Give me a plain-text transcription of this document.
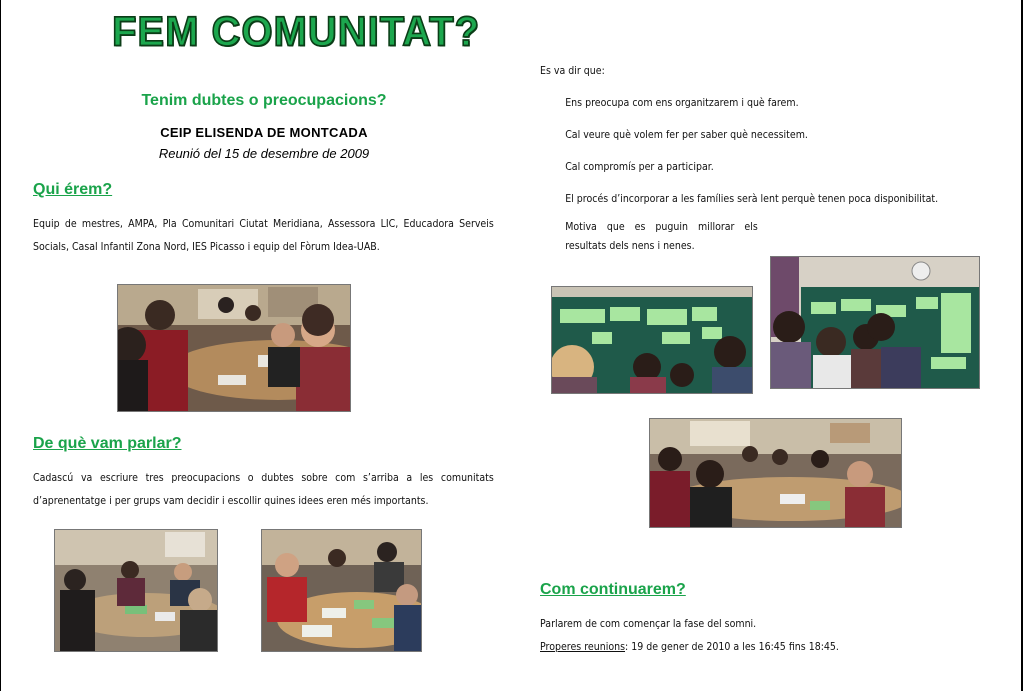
FEM COMUNITAT?
Tenim dubtes o preocupacions?
CEIP ELISENDA DE MONTCADA
Reunió del 15 de desembre de 2009
Qui érem?
Equip de mestres, AMPA, Pla Comunitari Ciutat Meridiana, Assessora LIC, Educadora Serveis
Socials, Casal Infantil Zona Nord, IES Picasso i equip del Fòrum Idea-UAB.
De què vam parlar?
Cadascú va escriure tres preocupacions o dubtes sobre com s’arriba a les comunitats
d’aprenentatge i per grups vam decidir i escollir quines idees eren més importants.
Es va dir que:
Ens preocupa com ens organitzarem i què farem.
Cal veure què volem fer per saber què necessitem.
Cal compromís per a participar.
El procés d’incorporar a les famílies serà lent perquè tenen poca disponibilitat.
Motiva que es puguin millorar els
resultats dels nens i nenes.
Com continuarem?
Parlarem de com començar la fase del somni.
Properes reunions: 19 de gener de 2010 a les 16:45 fins 18:45.
